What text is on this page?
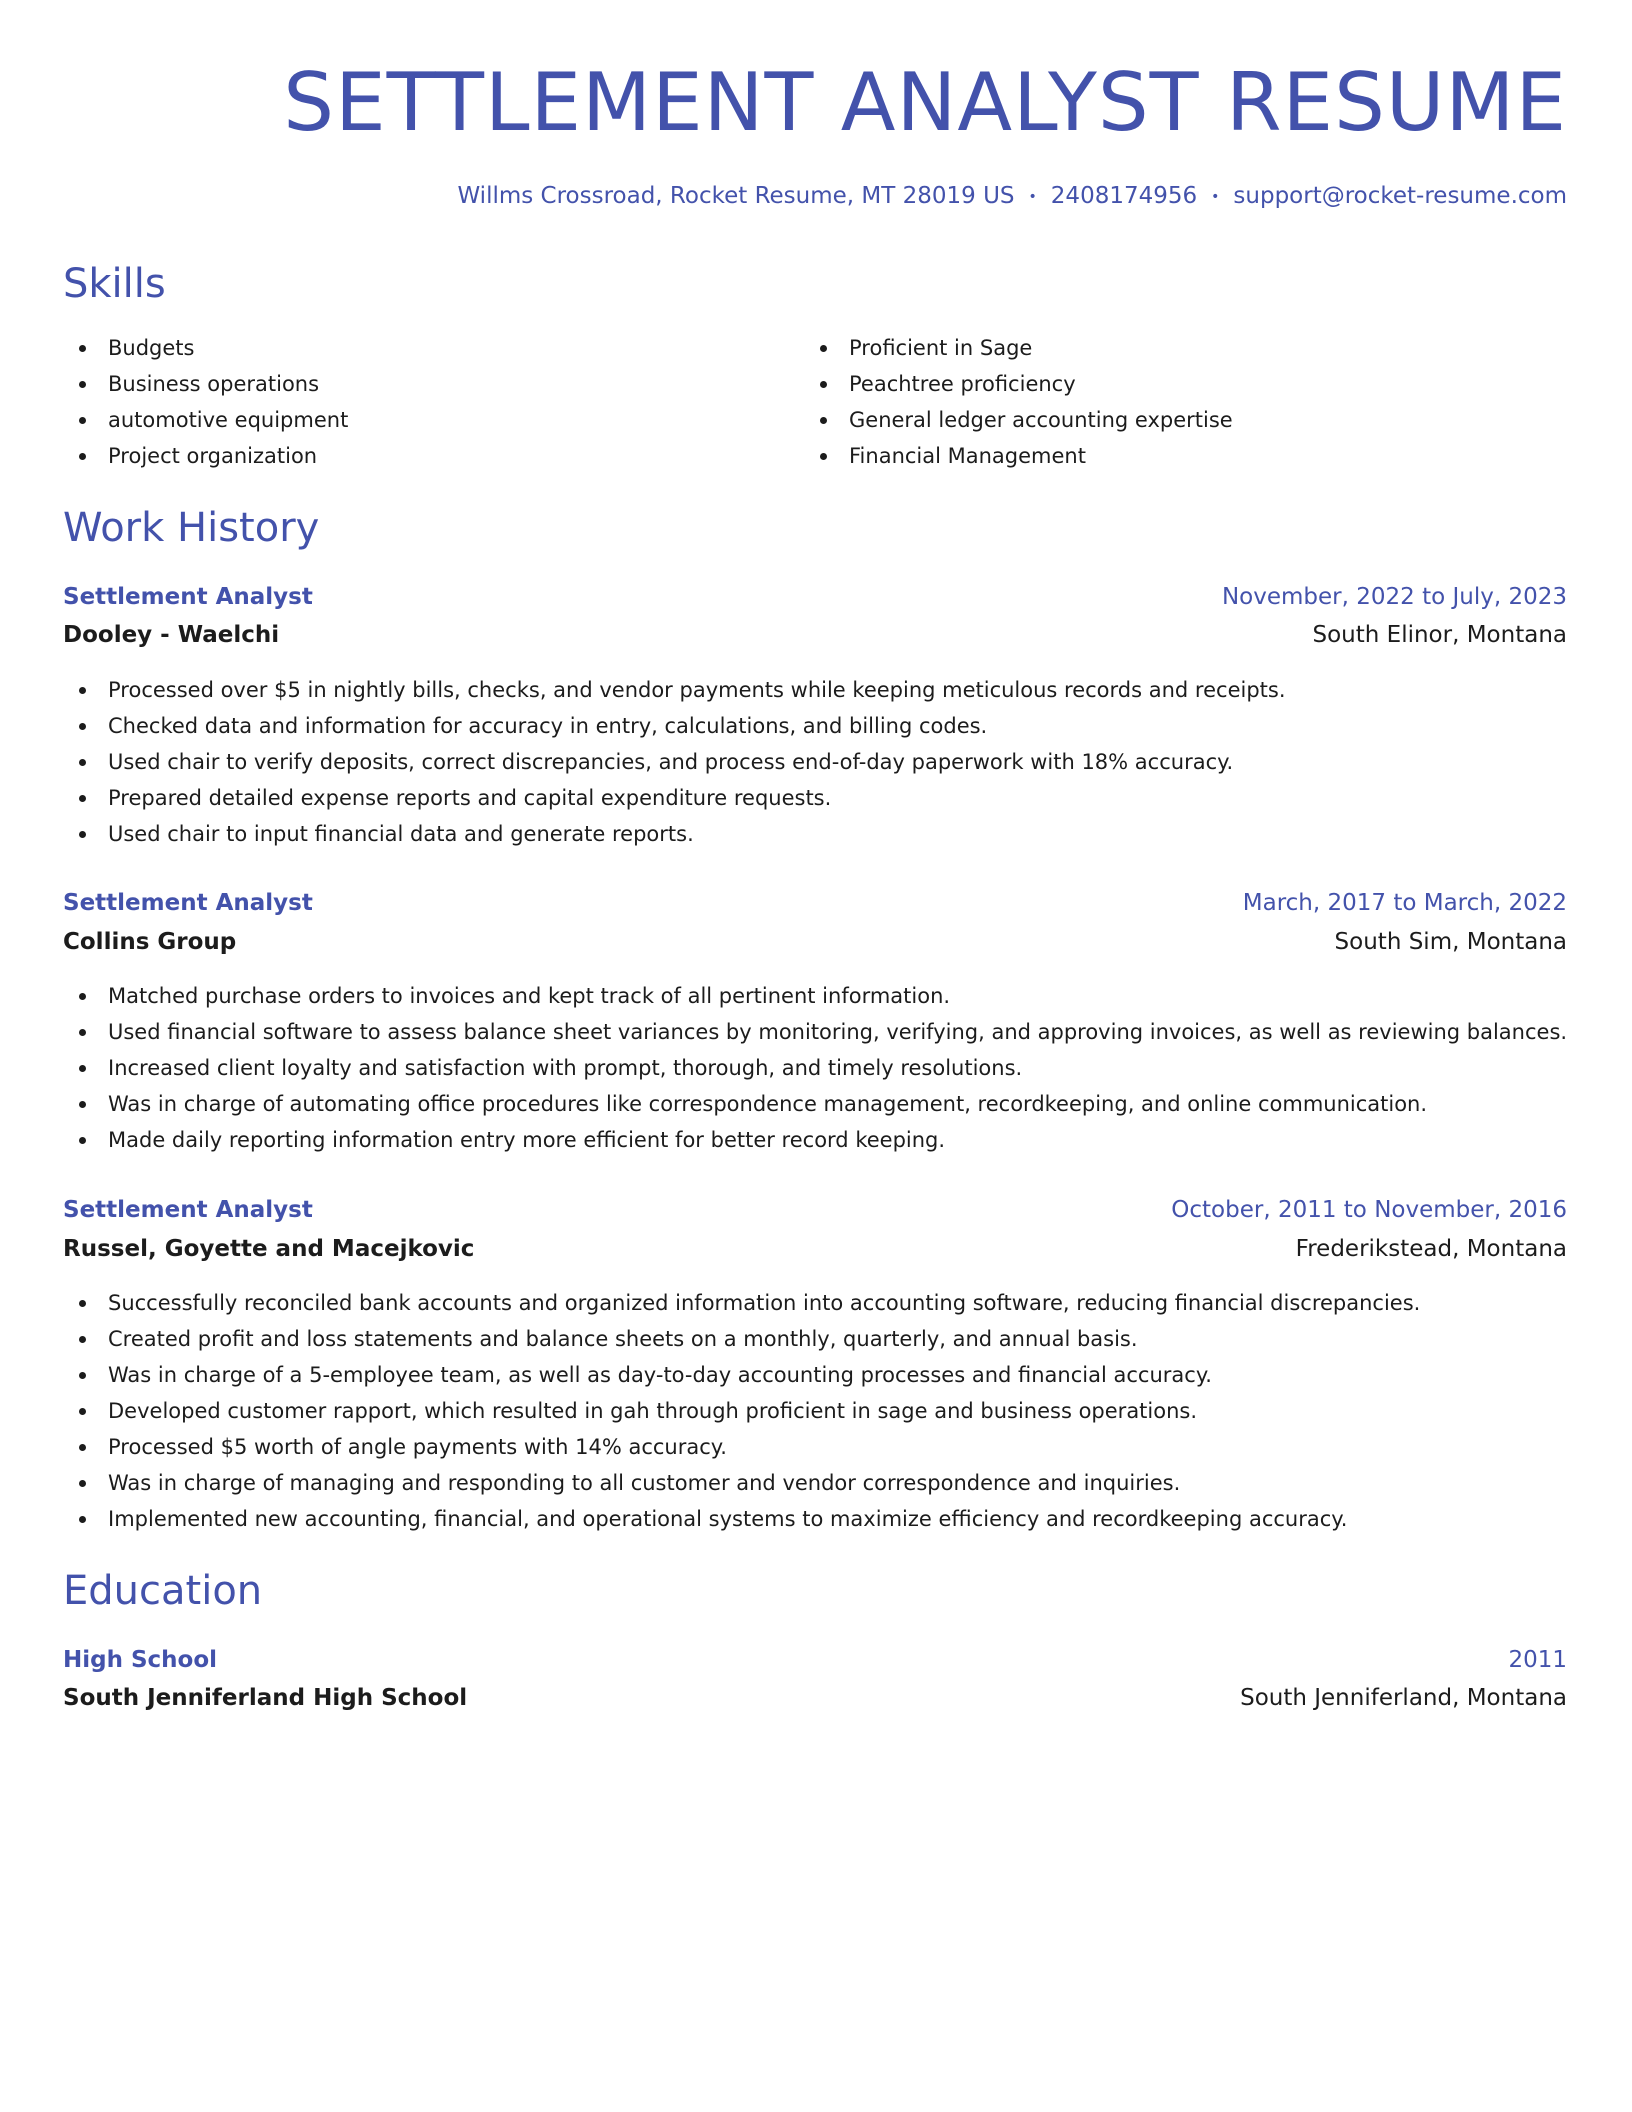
SETTLEMENT ANALYST RESUME
Willms Crossroad, Rocket Resume, MT 28019 US • 2408174956 • support@rocket-resume.com
Skills
Budgets
Business operations
automotive equipment
Project organization
Proficient in Sage
Peachtree proficiency
General ledger accounting expertise
Financial Management
Work History
Settlement Analyst	November, 2022 to July, 2023
Dooley - Waelchi	South Elinor, Montana
Processed over $5 in nightly bills, checks, and vendor payments while keeping meticulous records and receipts.
Checked data and information for accuracy in entry, calculations, and billing codes.
Used chair to verify deposits, correct discrepancies, and process end-of-day paperwork with 18% accuracy.
Prepared detailed expense reports and capital expenditure requests.
Used chair to input financial data and generate reports.
Settlement Analyst	March, 2017 to March, 2022
Collins Group	South Sim, Montana
Matched purchase orders to invoices and kept track of all pertinent information.
Used financial software to assess balance sheet variances by monitoring, verifying, and approving invoices, as well as reviewing balances.
Increased client loyalty and satisfaction with prompt, thorough, and timely resolutions.
Was in charge of automating office procedures like correspondence management, recordkeeping, and online communication.
Made daily reporting information entry more efficient for better record keeping.
Settlement Analyst	October, 2011 to November, 2016
Russel, Goyette and Macejkovic	Frederikstead, Montana
Successfully reconciled bank accounts and organized information into accounting software, reducing financial discrepancies.
Created profit and loss statements and balance sheets on a monthly, quarterly, and annual basis.
Was in charge of a 5-employee team, as well as day-to-day accounting processes and financial accuracy.
Developed customer rapport, which resulted in gah through proficient in sage and business operations.
Processed $5 worth of angle payments with 14% accuracy.
Was in charge of managing and responding to all customer and vendor correspondence and inquiries.
Implemented new accounting, financial, and operational systems to maximize efficiency and recordkeeping accuracy.
Education
High School	2011
South Jenniferland High School	South Jenniferland, Montana
